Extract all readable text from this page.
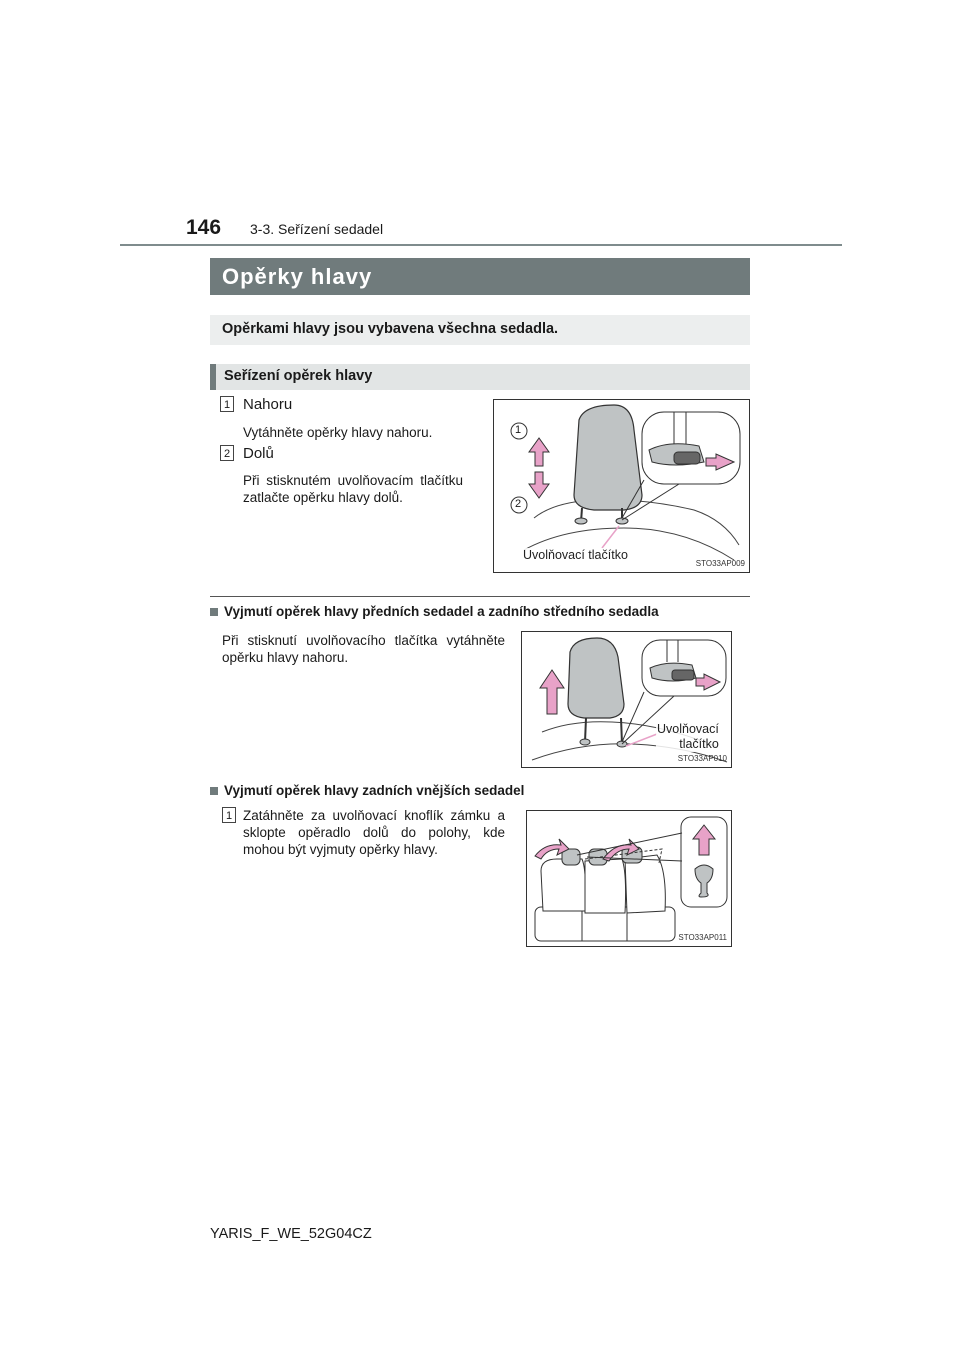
146 3-3. Seřízení sedadel
Opěrky hlavy
Opěrkami hlavy jsou vybavena všechna sedadla.
Seřízení opěrek hlavy
1 Nahoru
Vytáhněte opěrky hlavy nahoru.
2 Dolů
Při stisknutém uvolňovacím tlačítku zatlačte opěrku hlavy dolů.
Uvolňovací tlačítko
STO33AP009
1
2
Vyjmutí opěrek hlavy předních sedadel a zadního středního sedadla
Při stisknutí uvolňovacího tlačítka vytáhněte opěrku hlavy nahoru.
Uvolňovací
tlačítko
STO33AP010
Vyjmutí opěrek hlavy zadních vnějších sedadel
1 Zatáhněte za uvolňovací knoflík zámku a sklopte opěradlo dolů do polohy, kde mohou být vyjmuty opěrky hlavy.
STO33AP011
YARIS_F_WE_52G04CZ
